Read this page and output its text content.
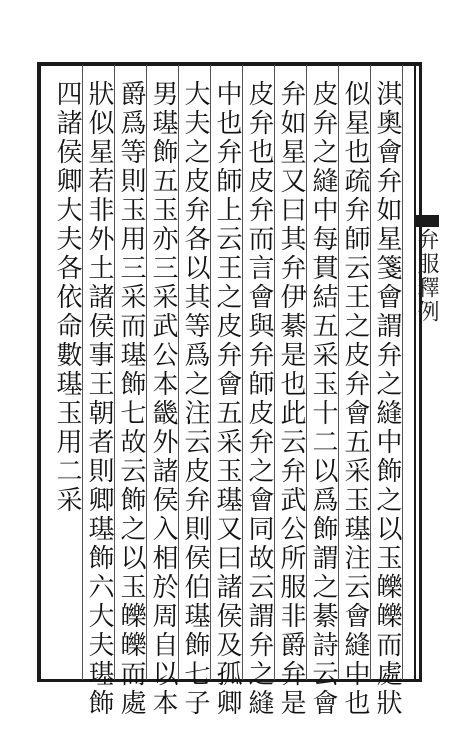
弁服釋例
淇奧會弁如星箋會謂弁之縫中飾之以玉皪皪而處狀
似星也疏弁師云王之皮弁會五采玉璂注云會縫中也
皮弁之縫中每貫結五采玉十二以爲飾謂之綦詩云會
弁如星又曰其弁伊綦是也此云弁武公所服非爵弁是
皮弁也皮弁而言會與弁師皮弁之會同故云謂弁之縫
中也弁師上云王之皮弁會五采玉璂又曰諸侯及孤卿
大夫之皮弁各以其等爲之注云皮弁則侯伯璂飾七子
男璂飾五玉亦三采武公本畿外諸侯入相於周自以本
爵爲等則玉用三采而璂飾七故云飾之以玉皪皪而處
狀似星若非外土諸侯事王朝者則卿璂飾六大夫璂飾
四諸侯卿大夫各依命數璂玉用二采
